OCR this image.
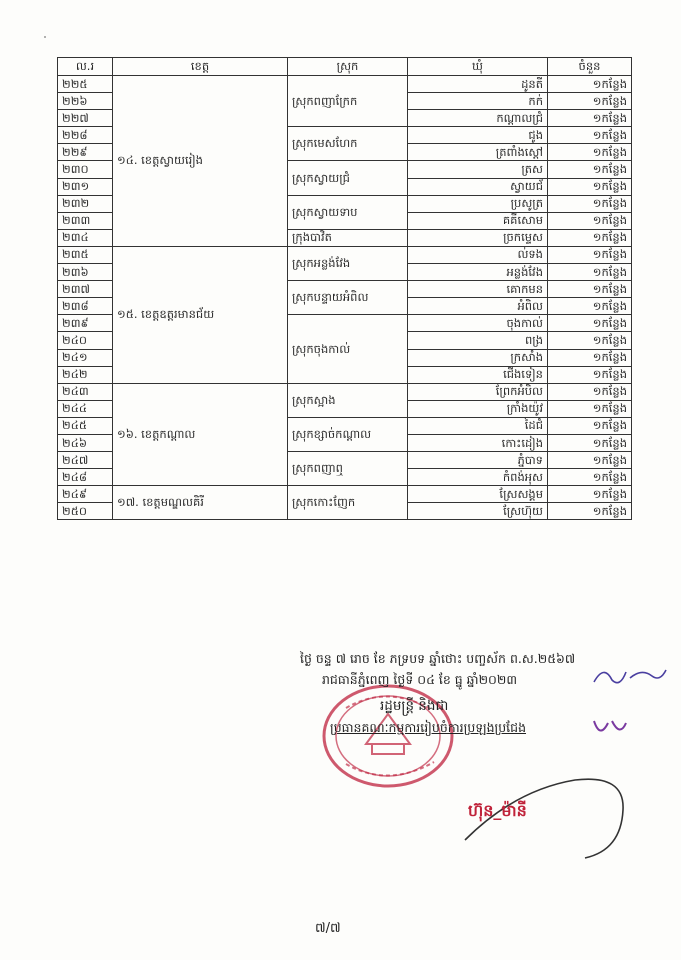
ល.រ	ខេត្ត	ស្រុក	ឃុំ	ចំនួន
២២៥	១៤. ខេត្តស្វាយរៀង	ស្រុកពញាក្រែក	ដូនតី	១កន្លែង
២២៦			កក់	១កន្លែង
២២៧			កណ្ដាលជ្រំ	១កន្លែង
២២៨		ស្រុកមេសហែក	ជូង	១កន្លែង
២២៩			ត្រពាំងស្ដៅ	១កន្លែង
២៣០		ស្រុកស្វាយជ្រំ	ត្រស	១កន្លែង
២៣១			ស្វាយជ័	១កន្លែង
២៣២		ស្រុកស្វាយទាប	ប្រសូត្រ	១កន្លែង
២៣៣			គគីសោម	១កន្លែង
២៣៤		ក្រុងបាវិត	ច្រកម្ទេស	១កន្លែង
២៣៥	១៥. ខេត្តឧត្ដរមានជ័យ	ស្រុកអន្លង់វែង	ល់ទង	១កន្លែង
២៣៦			អន្លង់វែង	១កន្លែង
២៣៧		ស្រុកបន្ទាយអំពិល	គោកមន	១កន្លែង
២៣៨			អំពិល	១កន្លែង
២៣៩		ស្រុកចុងកាល់	ចុងកាល់	១កន្លែង
២៤០			ពង្រ	១កន្លែង
២៤១			ក្រសាំង	១កន្លែង
២៤២			ជើងទៀន	១កន្លែង
២៤៣	១៦. ខេត្តកណ្ដាល	ស្រុកស្អាង	ព្រែកអំបិល	១កន្លែង
២៤៤			ក្រាំងយ៉ូវ	១កន្លែង
២៤៥		ស្រុកខ្សាច់កណ្ដាល	ដៃជំ	១កន្លែង
២៤៦			កោះដៀង	១កន្លែង
២៤៧		ស្រុកពញាឮ	ភ្នំបាទ	១កន្លែង
២៤៨			កំពង់អុស	១កន្លែង
២៤៩	១៧. ខេត្តមណ្ឌលគិរី	ស្រុកកោះញែក	ស្រែសង្គម	១កន្លែង
២៥០			ស្រែហ៊ុយ	១កន្លែង
ថ្ងៃ ចន្ទ ៧ រោច ខែ ភទ្របទ ឆ្នាំថោះ បញ្ចស័ក ព.ស.២៥៦៧
រាជធានីភ្នំពេញ ថ្ងៃទី ០៤ ខែ ធ្នូ ឆ្នាំ២០២៣
រដ្ឋមន្ត្រី និងជា
ប្រធានគណៈកម្មការរៀបចំការប្រឡងប្រជែង
ហ៊ុន_ម៉ានី
៧/៧
